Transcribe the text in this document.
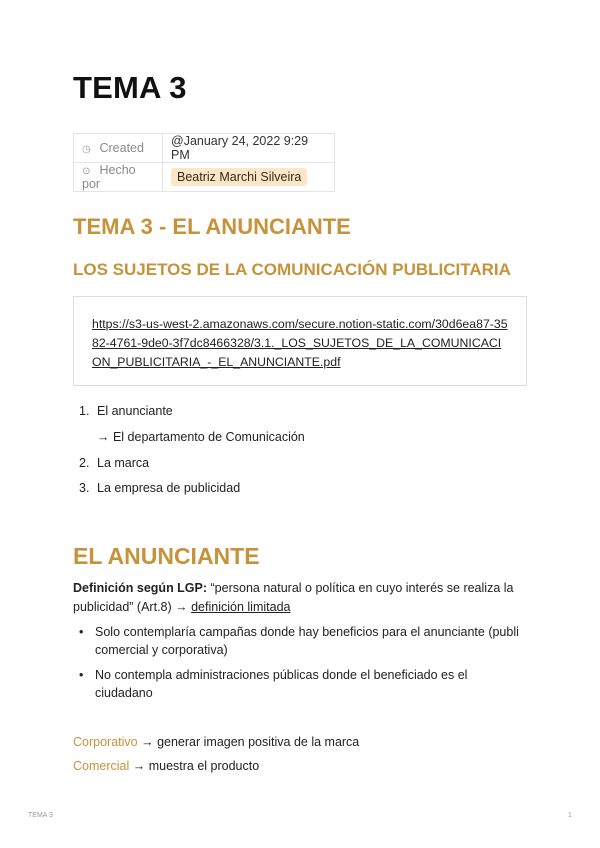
TEMA 3
◷ Created	@January 24, 2022 9:29 PM
⊙ Hecho por	Beatriz Marchi Silveira
TEMA 3 - EL ANUNCIANTE
LOS SUJETOS DE LA COMUNICACIÓN PUBLICITARIA
https://s3-us-west-2.amazonaws.com/secure.notion-static.com/30d6ea87-3582-4761-9de0-3f7dc8466328/3.1._LOS_SUJETOS_DE_LA_COMUNICACION_PUBLICITARIA_-_EL_ANUNCIANTE.pdf
1. El anunciante
→ El departamento de Comunicación
2. La marca
3. La empresa de publicidad
EL ANUNCIANTE
Definición según LGP: “persona natural o política en cuyo interés se realiza la publicidad” (Art.8) → definición limitada
• Solo contemplaría campañas donde hay beneficios para el anunciante (publi comercial y corporativa)
• No contempla administraciones públicas donde el beneficiado es el ciudadano
Corporativo → generar imagen positiva de la marca
Comercial → muestra el producto
TEMA 3	1
